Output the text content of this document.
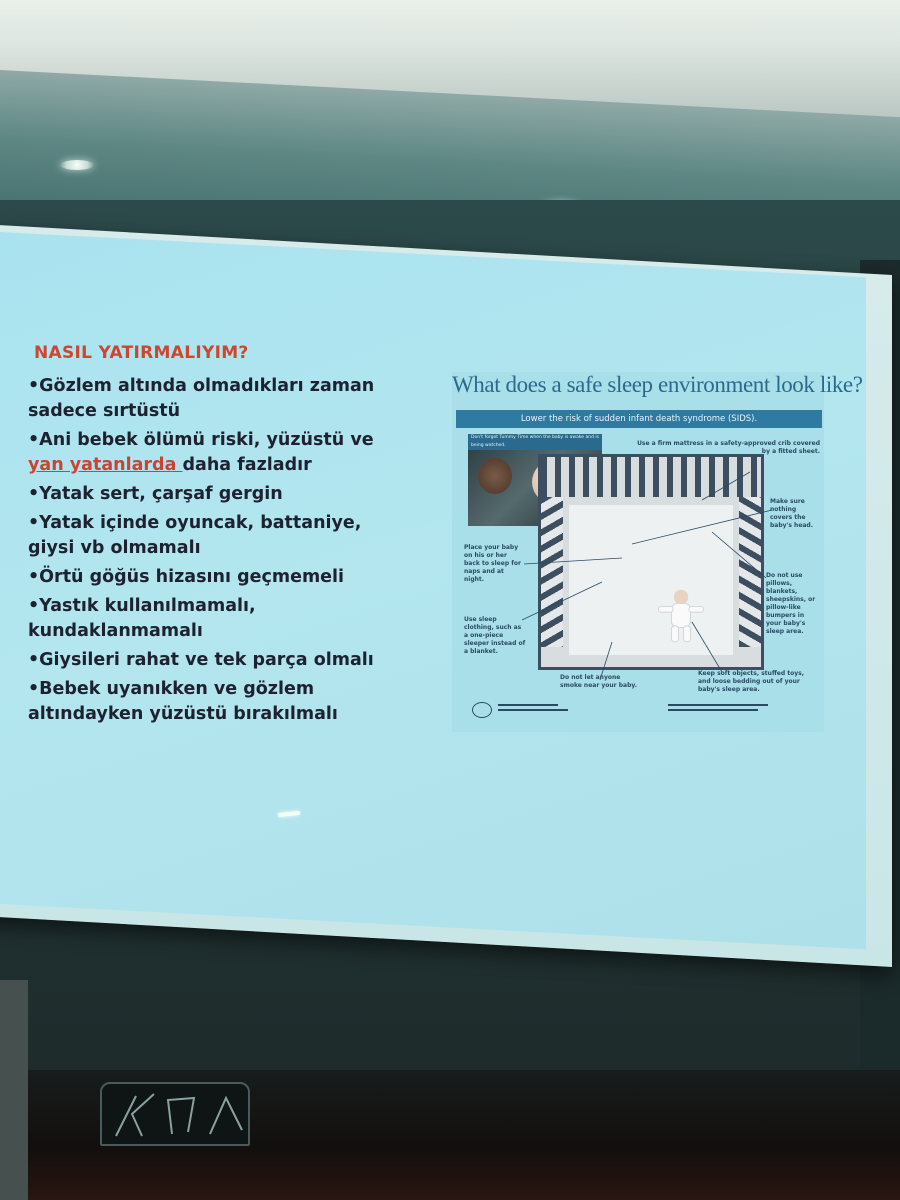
NASIL YATIRMALIYIM?
•Gözlem altında olmadıkları zaman sadece sırtüstü
•Ani bebek ölümü riski, yüzüstü ve yan yatanlarda daha fazladır
•Yatak sert, çarşaf gergin
•Yatak içinde oyuncak, battaniye, giysi vb olmamalı
•Örtü göğüs hizasını geçmemeli
•Yastık kullanılmamalı, kundaklanmamalı
•Giysileri rahat ve tek parça olmalı
•Bebek uyanıkken ve gözlem altındayken yüzüstü bırakılmalı
What does a safe sleep environment look like?
Lower the risk of sudden infant death syndrome (SIDS).
Don't forget Tummy Time when the baby is awake and is being watched.	Use a firm mattress in a safety-approved crib covered by a fitted sheet.
Make sure nothing covers the baby's head.
Place your baby on his or her back to sleep for naps and at night.
Do not use pillows, blankets, sheepskins, or pillow-like bumpers in your baby's sleep area.
Use sleep clothing, such as a one-piece sleeper instead of a blanket.
Do not let anyone smoke near your baby.
Keep soft objects, stuffed toys, and loose bedding out of your baby's sleep area.
